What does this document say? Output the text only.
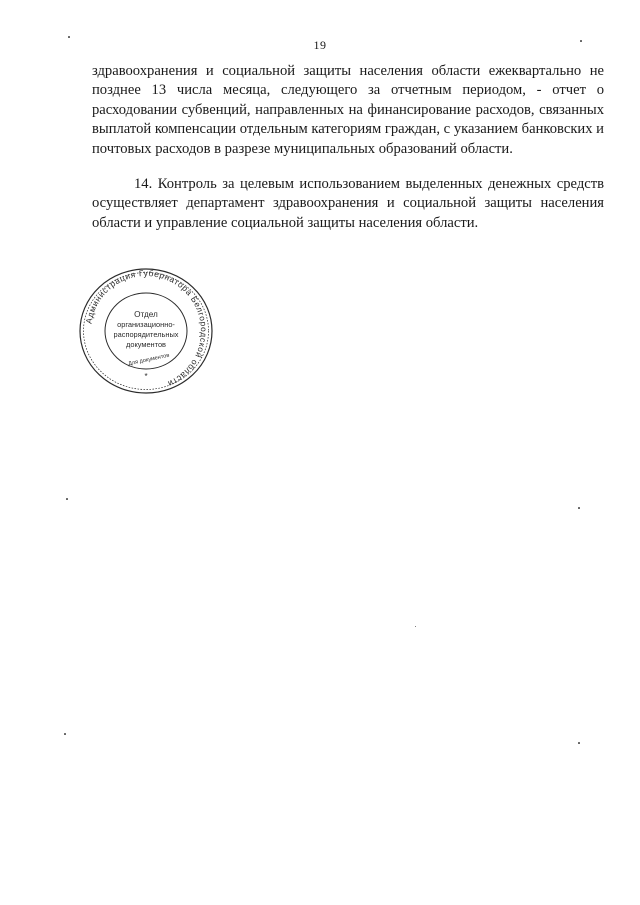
19

здравоохранения и социальной защиты населения области ежеквартально не позднее 13 числа месяца, следующего за отчетным периодом, - отчет о расходовании субвенций, направленных на финансирование расходов, связанных выплатой компенсации отдельным категориям граждан, с указанием банковских и почтовых расходов в разрезе муниципальных образований области.

14. Контроль за целевым использованием выделенных денежных средств осуществляет департамент здравоохранения и социальной защиты населения области и управление социальной защиты населения области.

Администрация Губернатора Белгородской области
Отдел
организационно-
распорядительных
документов
Для документов
*
